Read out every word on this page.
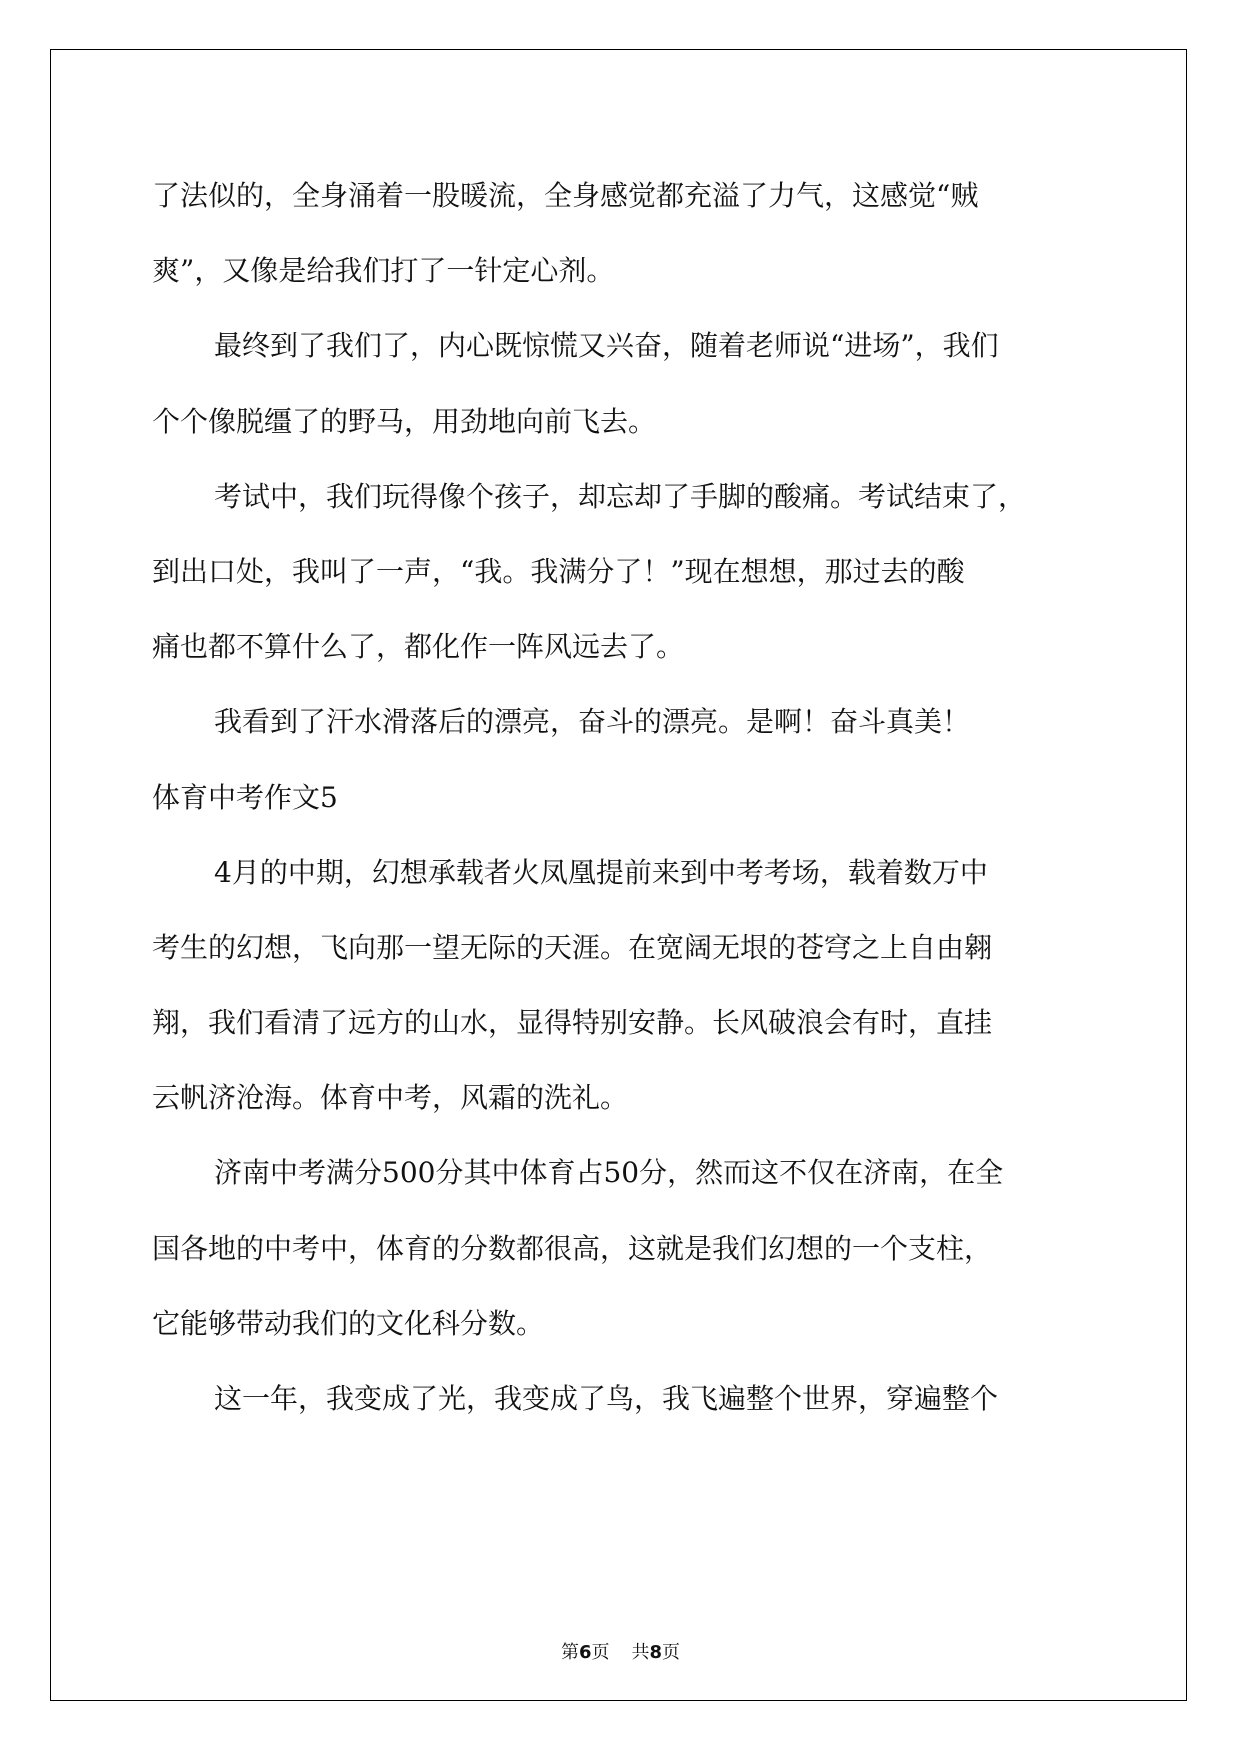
了法似的，全身涌着一股暖流，全身感觉都充溢了力气，这感觉“贼
爽”，又像是给我们打了一针定心剂。
最终到了我们了，内心既惊慌又兴奋，随着老师说“进场”，我们
个个像脱缰了的野马，用劲地向前飞去。
考试中，我们玩得像个孩子，却忘却了手脚的酸痛。考试结束了，
到出口处，我叫了一声，“我。我满分了！”现在想想，那过去的酸
痛也都不算什么了，都化作一阵风远去了。
我看到了汗水滑落后的漂亮，奋斗的漂亮。是啊！奋斗真美！
体育中考作文5
4月的中期，幻想承载者火凤凰提前来到中考考场，载着数万中
考生的幻想，飞向那一望无际的天涯。在宽阔无垠的苍穹之上自由翱
翔，我们看清了远方的山水，显得特别安静。长风破浪会有时，直挂
云帆济沧海。体育中考，风霜的洗礼。
济南中考满分500分其中体育占50分，然而这不仅在济南，在全
国各地的中考中，体育的分数都很高，这就是我们幻想的一个支柱，
它能够带动我们的文化科分数。
这一年，我变成了光，我变成了鸟，我飞遍整个世界，穿遍整个
第6页 共8页
